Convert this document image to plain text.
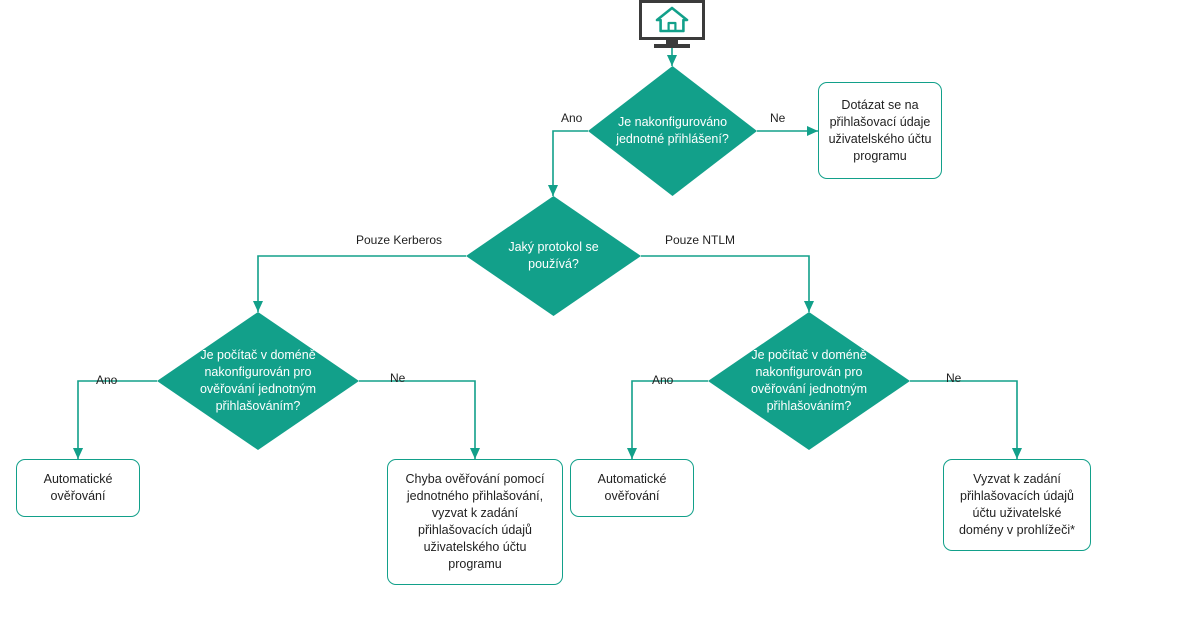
Je nakonfigurováno jednotné přihlášení?
Dotázat se na přihlašovací údaje uživatelského účtu programu
Jaký protokol se používá?
Je počítač v doméně nakonfigurován pro ověřování jednotným přihlašováním?
Je počítač v doméně nakonfigurován pro ověřování jednotným přihlašováním?
Automatické ověřování
Chyba ověřování pomocí jednotného přihlašování, vyzvat k zadání přihlašovacích údajů uživatelského účtu programu
Automatické ověřování
Vyzvat k zadání přihlašovacích údajů účtu uživatelské domény v prohlížeči*
Ano	Ne
Pouze Kerberos	Pouze NTLM
Ano	Ne	Ano	Ne
